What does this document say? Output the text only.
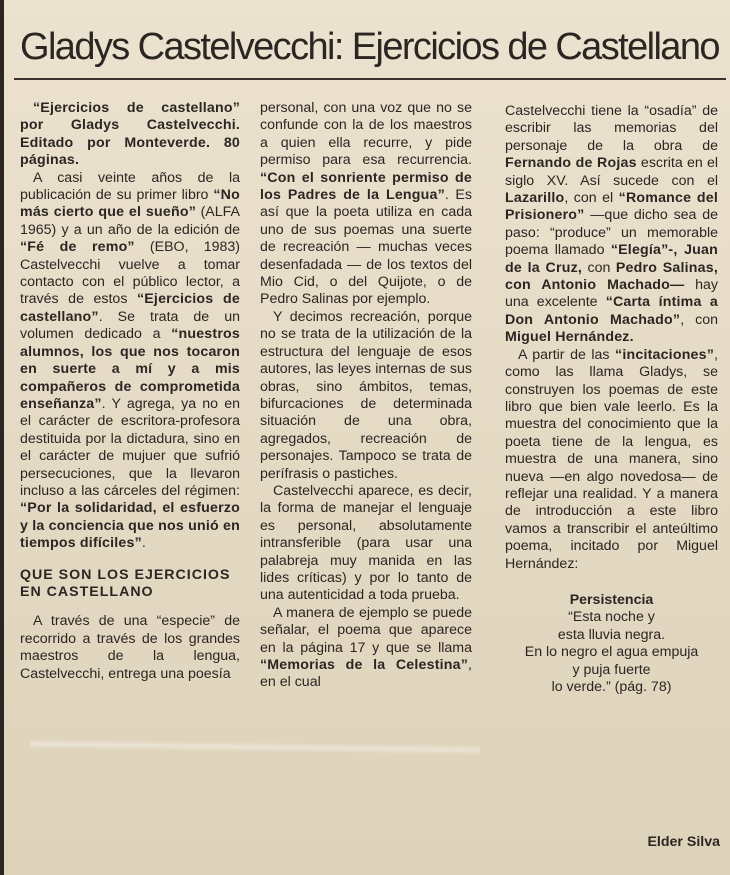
Gladys Castelvecchi: Ejercicios de Castellano

“Ejercicios de castellano” por Gladys Castelvecchi. Editado por Monteverde. 80 páginas.

A casi veinte años de la publicación de su primer libro “No más cierto que el sueño” (ALFA 1965) y a un año de la edición de “Fé de remo” (EBO, 1983) Castelvecchi vuelve a tomar contacto con el público lector, a través de estos “Ejercicios de castellano”. Se trata de un volumen dedicado a “nuestros alumnos, los que nos tocaron en suerte a mí y a mis compañeros de comprometida enseñanza”. Y agrega, ya no en el carácter de escritora-profesora destituida por la dictadura, sino en el carácter de mujuer que sufrió persecuciones, que la llevaron incluso a las cárceles del régimen: “Por la solidaridad, el esfuerzo y la conciencia que nos unió en tiempos difíciles”.

QUE SON LOS EJERCICIOS EN CASTELLANO

A través de una “especie” de recorrido a través de los grandes maestros de la lengua, Castelvecchi, entrega una poesía

personal, con una voz que no se confunde con la de los maestros a quien ella recurre, y pide permiso para esa recurrencia. “Con el sonriente permiso de los Padres de la Lengua”. Es así que la poeta utiliza en cada uno de sus poemas una suerte de recreación — muchas veces desenfadada — de los textos del Mio Cid, o del Quijote, o de Pedro Salinas por ejemplo.

Y decimos recreación, porque no se trata de la utilización de la estructura del lenguaje de esos autores, las leyes internas de sus obras, sino ámbitos, temas, bifurcaciones de determinada situación de una obra, agregados, recreación de personajes. Tampoco se trata de perífrasis o pastiches.

Castelvecchi aparece, es decir, la forma de manejar el lenguaje es personal, absolutamente intransferible (para usar una palabreja muy manida en las lides críticas) y por lo tanto de una autenticidad a toda prueba.

A manera de ejemplo se puede señalar, el poema que aparece en la página 17 y que se llama “Memorias de la Celestina”, en el cual

Castelvecchi tiene la “osadía” de escribir las memorias del personaje de la obra de Fernando de Rojas escrita en el siglo XV. Así sucede con el Lazarillo, con el “Romance del Prisionero” —que dicho sea de paso: “produce” un memorable poema llamado “Elegía”-, Juan de la Cruz, con Pedro Salinas, con Antonio Machado— hay una excelente “Carta íntima a Don Antonio Machado”, con Miguel Hernández.

A partir de las “incitaciones”, como las llama Gladys, se construyen los poemas de este libro que bien vale leerlo. Es la muestra del conocimiento que la poeta tiene de la lengua, es muestra de una manera, sino nueva —en algo novedosa— de reflejar una realidad. Y a manera de introducción a este libro vamos a transcribir el anteúltimo poema, incitado por Miguel Hernández:

Persistencia
“Esta noche y
esta lluvia negra.
En lo negro el agua empuja
y puja fuerte
lo verde.” (pág. 78)
Elder Silva
